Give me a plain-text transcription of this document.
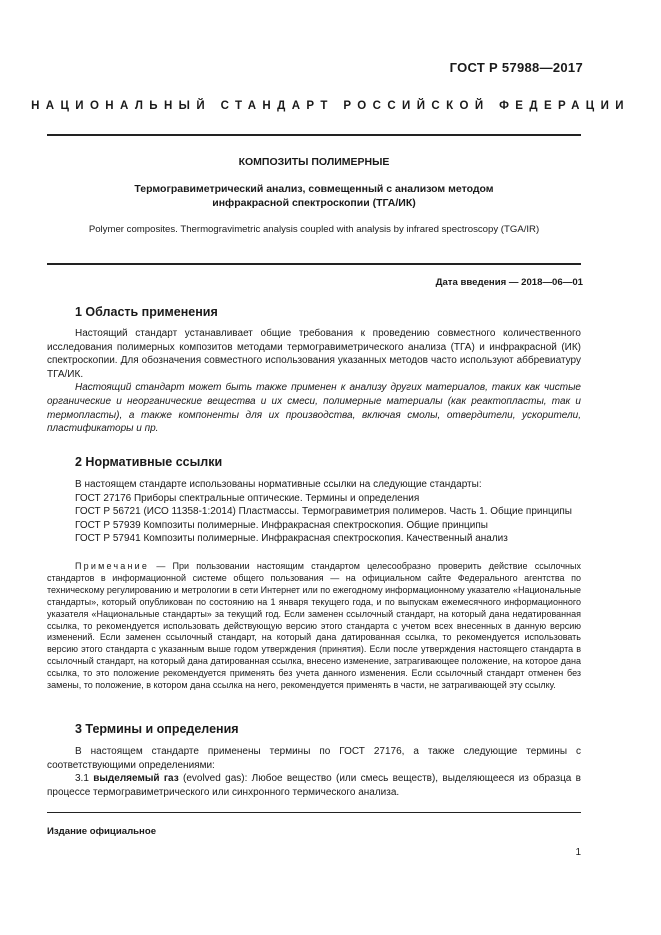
ГОСТ Р 57988—2017
НАЦИОНАЛЬНЫЙ СТАНДАРТ РОССИЙСКОЙ ФЕДЕРАЦИИ
КОМПОЗИТЫ ПОЛИМЕРНЫЕ
Термогравиметрический анализ, совмещенный с анализом методом
инфракрасной спектроскопии (ТГА/ИК)
Polymer composites. Thermogravimetric analysis coupled with analysis by infrared spectroscopy (TGA/IR)
Дата введения — 2018—06—01
1 Область применения

Настоящий стандарт устанавливает общие требования к проведению совместного количественного исследования полимерных композитов методами термогравиметрического анализа (ТГА) и инфракрасной (ИК) спектроскопии. Для обозначения совместного использования указанных методов часто используют аббревиатуру ТГА/ИК.

Настоящий стандарт может быть также применен к анализу других материалов, таких как чистые органические и неорганические вещества и их смеси, полимерные материалы (как реактопласты, так и термопласты), а также компоненты для их производства, включая смолы, отвердители, ускорители, пластификаторы и пр.

2 Нормативные ссылки

В настоящем стандарте использованы нормативные ссылки на следующие стандарты:

ГОСТ 27176 Приборы спектральные оптические. Термины и определения

ГОСТ Р 56721 (ИСО 11358-1:2014) Пластмассы. Термогравиметрия полимеров. Часть 1. Общие принципы

ГОСТ Р 57939 Композиты полимерные. Инфракрасная спектроскопия. Общие принципы

ГОСТ Р 57941 Композиты полимерные. Инфракрасная спектроскопия. Качественный анализ

Примечание — При пользовании настоящим стандартом целесообразно проверить действие ссылочных стандартов в информационной системе общего пользования — на официальном сайте Федерального агентства по техническому регулированию и метрологии в сети Интернет или по ежегодному информационному указателю «Национальные стандарты», который опубликован по состоянию на 1 января текущего года, и по выпускам ежемесячного информационного указателя «Национальные стандарты» за текущий год. Если заменен ссылочный стандарт, на который дана недатированная ссылка, то рекомендуется использовать действующую версию этого стандарта с учетом всех внесенных в данную версию изменений. Если заменен ссылочный стандарт, на который дана датированная ссылка, то рекомендуется использовать версию этого стандарта с указанным выше годом утверждения (принятия). Если после утверждения настоящего стандарта в ссылочный стандарт, на который дана датированная ссылка, внесено изменение, затрагивающее положение, на которое дана ссылка, то это положение рекомендуется применять без учета данного изменения. Если ссылочный стандарт отменен без замены, то положение, в котором дана ссылка на него, рекомендуется применять в части, не затрагивающей эту ссылку.

3 Термины и определения

В настоящем стандарте применены термины по ГОСТ 27176, а также следующие термины с соответствующими определениями:

3.1 выделяемый газ (evolved gas): Любое вещество (или смесь веществ), выделяющееся из образца в процессе термогравиметрического или синхронного термического анализа.

Издание официальное
1
